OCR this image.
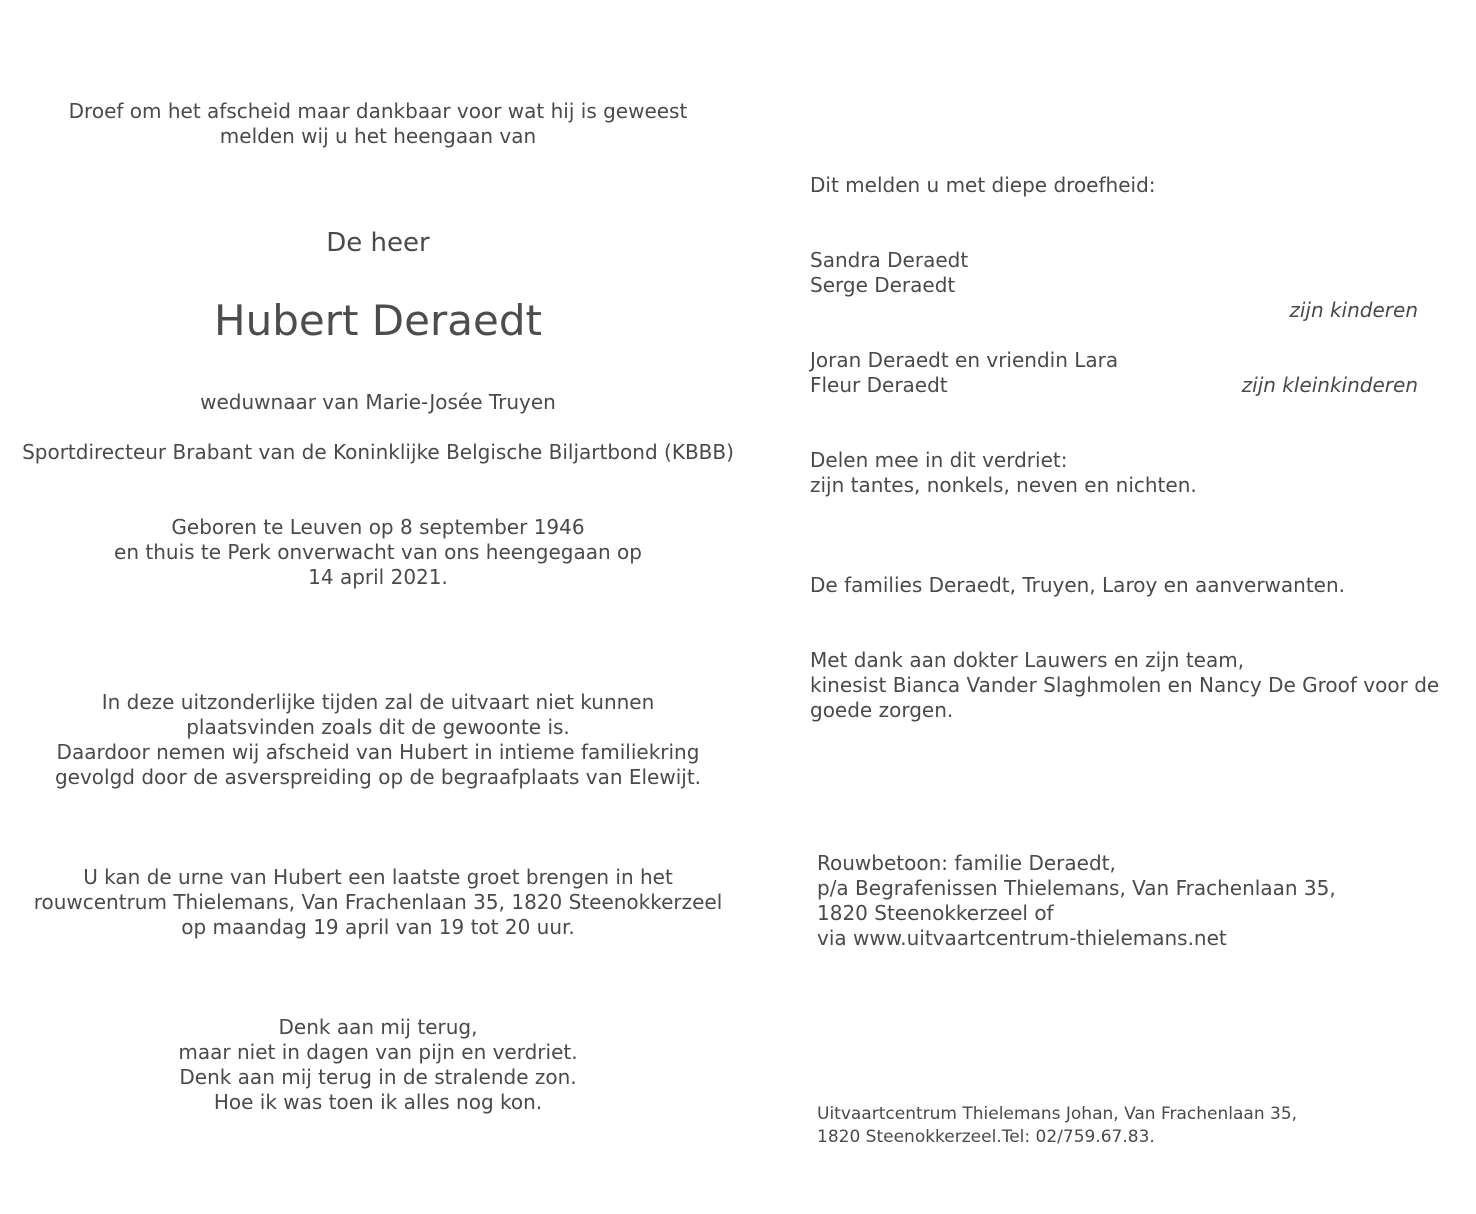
Droef om het afscheid maar dankbaar voor wat hij is geweest
melden wij u het heengaan van
De heer
Hubert Deraedt
weduwnaar van Marie-Josée Truyen
Sportdirecteur Brabant van de Koninklijke Belgische Biljartbond (KBBB)
Geboren te Leuven op 8 september 1946
en thuis te Perk onverwacht van ons heengegaan op
14 april 2021.
In deze uitzonderlijke tijden zal de uitvaart niet kunnen
plaatsvinden zoals dit de gewoonte is.
Daardoor nemen wij afscheid van Hubert in intieme familiekring
gevolgd door de asverspreiding op de begraafplaats van Elewijt.
U kan de urne van Hubert een laatste groet brengen in het
rouwcentrum Thielemans, Van Frachenlaan 35, 1820 Steenokkerzeel
op maandag 19 april van 19 tot 20 uur.
Denk aan mij terug,
maar niet in dagen van pijn en verdriet.
Denk aan mij terug in de stralende zon.
Hoe ik was toen ik alles nog kon.
Dit melden u met diepe droefheid:
Sandra Deraedt
Serge Deraedt
zijn kinderen
Joran Deraedt en vriendin Lara
Fleur Deraedt	zijn kleinkinderen
Delen mee in dit verdriet:
zijn tantes, nonkels, neven en nichten.
De families Deraedt, Truyen, Laroy en aanverwanten.
Met dank aan dokter Lauwers en zijn team,
kinesist Bianca Vander Slaghmolen en Nancy De Groof voor de
goede zorgen.
Rouwbetoon: familie Deraedt,
p/a Begrafenissen Thielemans, Van Frachenlaan 35,
1820 Steenokkerzeel of
via www.uitvaartcentrum-thielemans.net
Uitvaartcentrum Thielemans Johan, Van Frachenlaan 35,
1820 Steenokkerzeel.Tel: 02/759.67.83.
